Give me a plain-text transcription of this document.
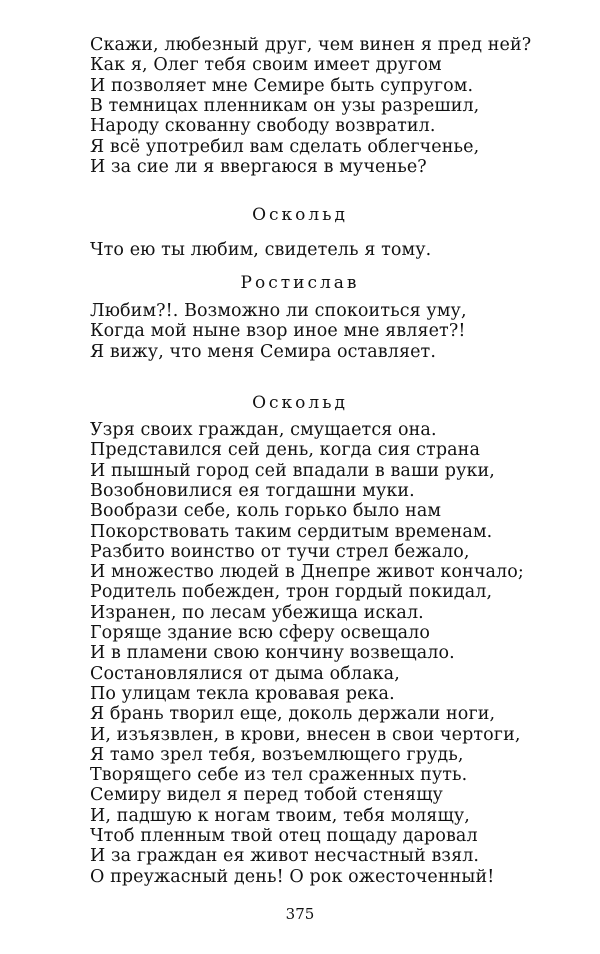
Скажи, любезный друг, чем винен я пред ней?
Как я, Олег тебя своим имеет другом
И позволяет мне Семире быть супругом.
В темницах пленникам он узы разрешил,
Народу скованну свободу возвратил.
Я всё употребил вам сделать облегченье,
И за сие ли я ввергаюся в мученье?
Оскольд
Что ею ты любим, свидетель я тому.
Ростислав
Любим?!. Возможно ли спокоиться уму,
Когда мой ныне взор иное мне являет?!
Я вижу, что меня Семира оставляет.
Оскольд
Узря своих граждан, смущается она.
Представился сей день, когда сия страна
И пышный город сей впадали в ваши руки,
Возобновилися ея тогдашни муки.
Вообрази себе, коль горько было нам
Покорствовать таким сердитым временам.
Разбито воинство от тучи стрел бежало,
И множество людей в Днепре живот кончало;
Родитель побежден, трон гордый покидал,
Изранен, по лесам убежища искал.
Горяще здание всю сферу освещало
И в пламени свою кончину возвещало.
Состановлялися от дыма облака,
По улицам текла кровавая река.
Я брань творил еще, доколь держали ноги,
И, изъязвлен, в крови, внесен в свои чертоги,
Я тамо зрел тебя, возъемлющего грудь,
Творящего себе из тел сраженных путь.
Семиру видел я перед тобой стенящу
И, падшую к ногам твоим, тебя молящу,
Чтоб пленным твой отец пощаду даровал
И за граждан ея живот несчастный взял.
О преужасный день! О рок ожесточенный!
375
